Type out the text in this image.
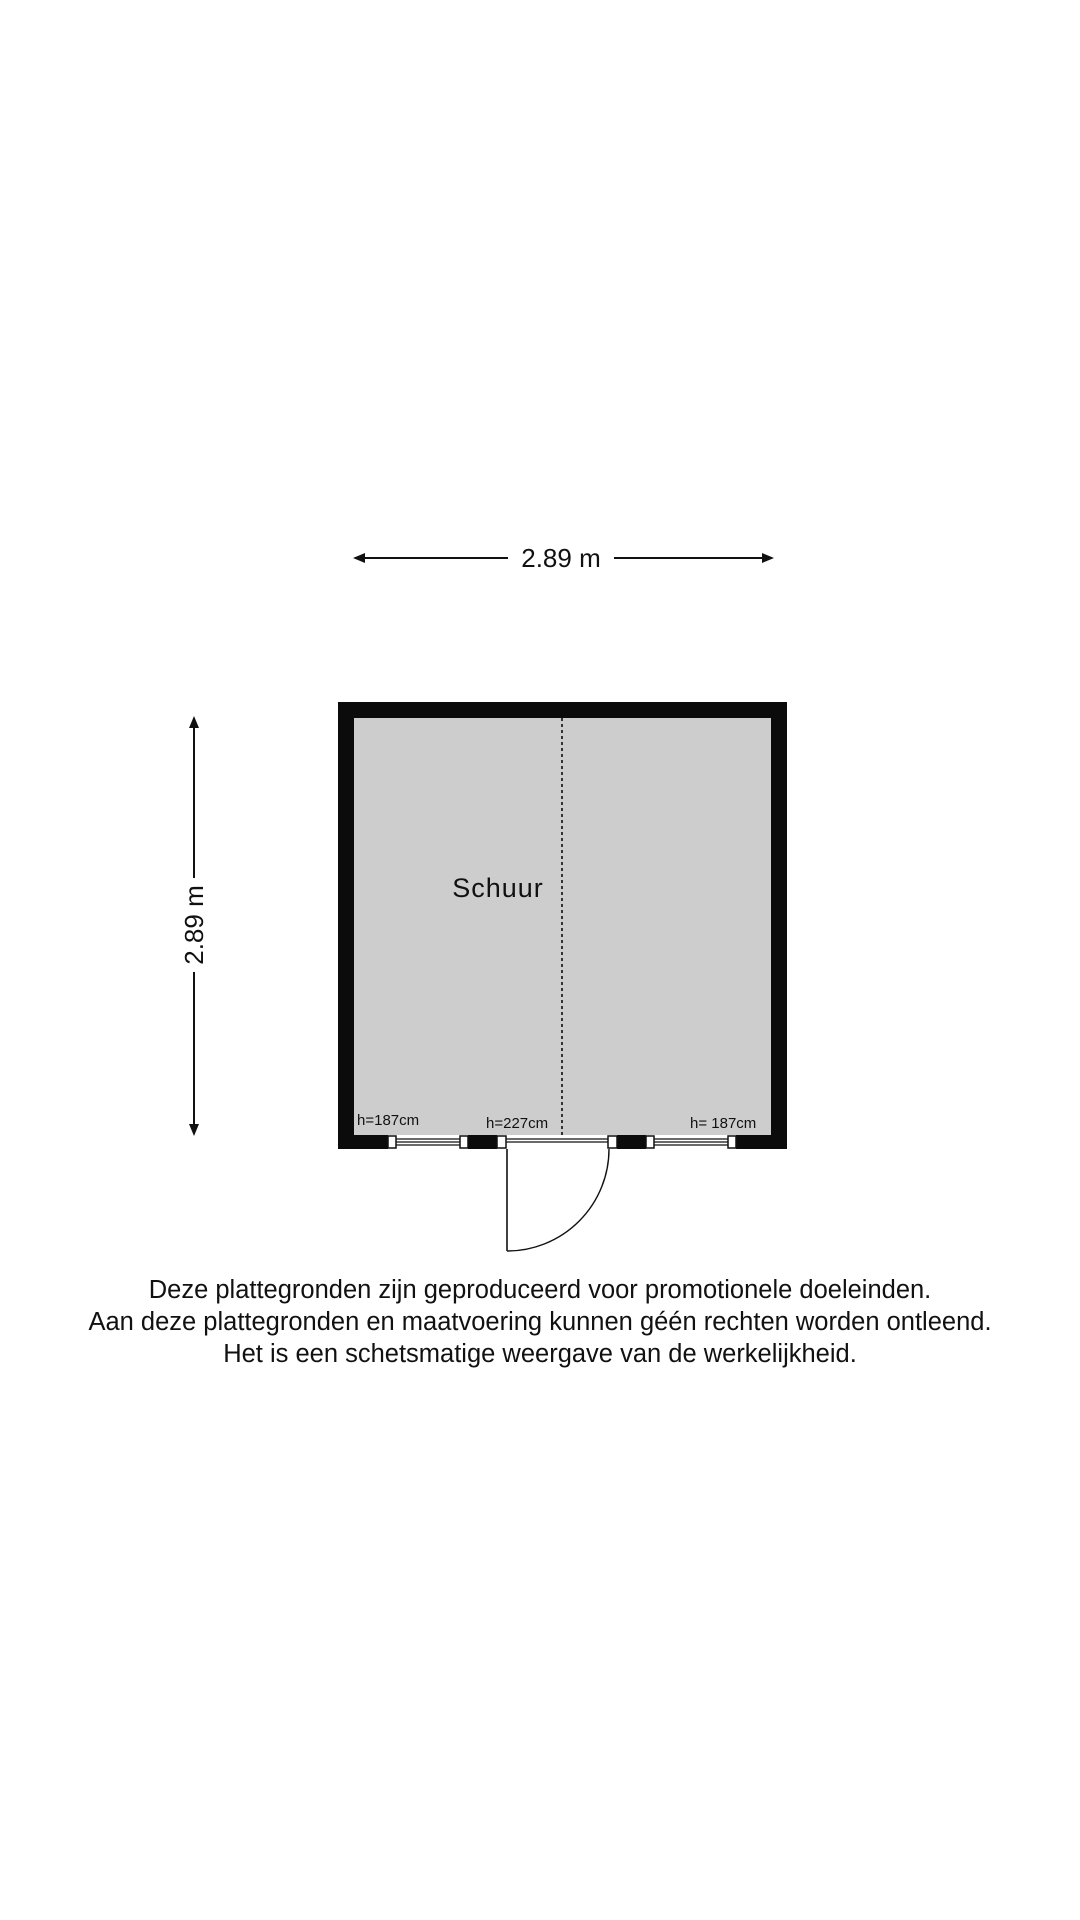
2.89 m
2.89 m	Schuur
h=187cm	h=227cm	h= 187cm
Deze plattegronden zijn geproduceerd voor promotionele doeleinden.
Aan deze plattegronden en maatvoering kunnen géén rechten worden ontleend.
Het is een schetsmatige weergave van de werkelijkheid.
